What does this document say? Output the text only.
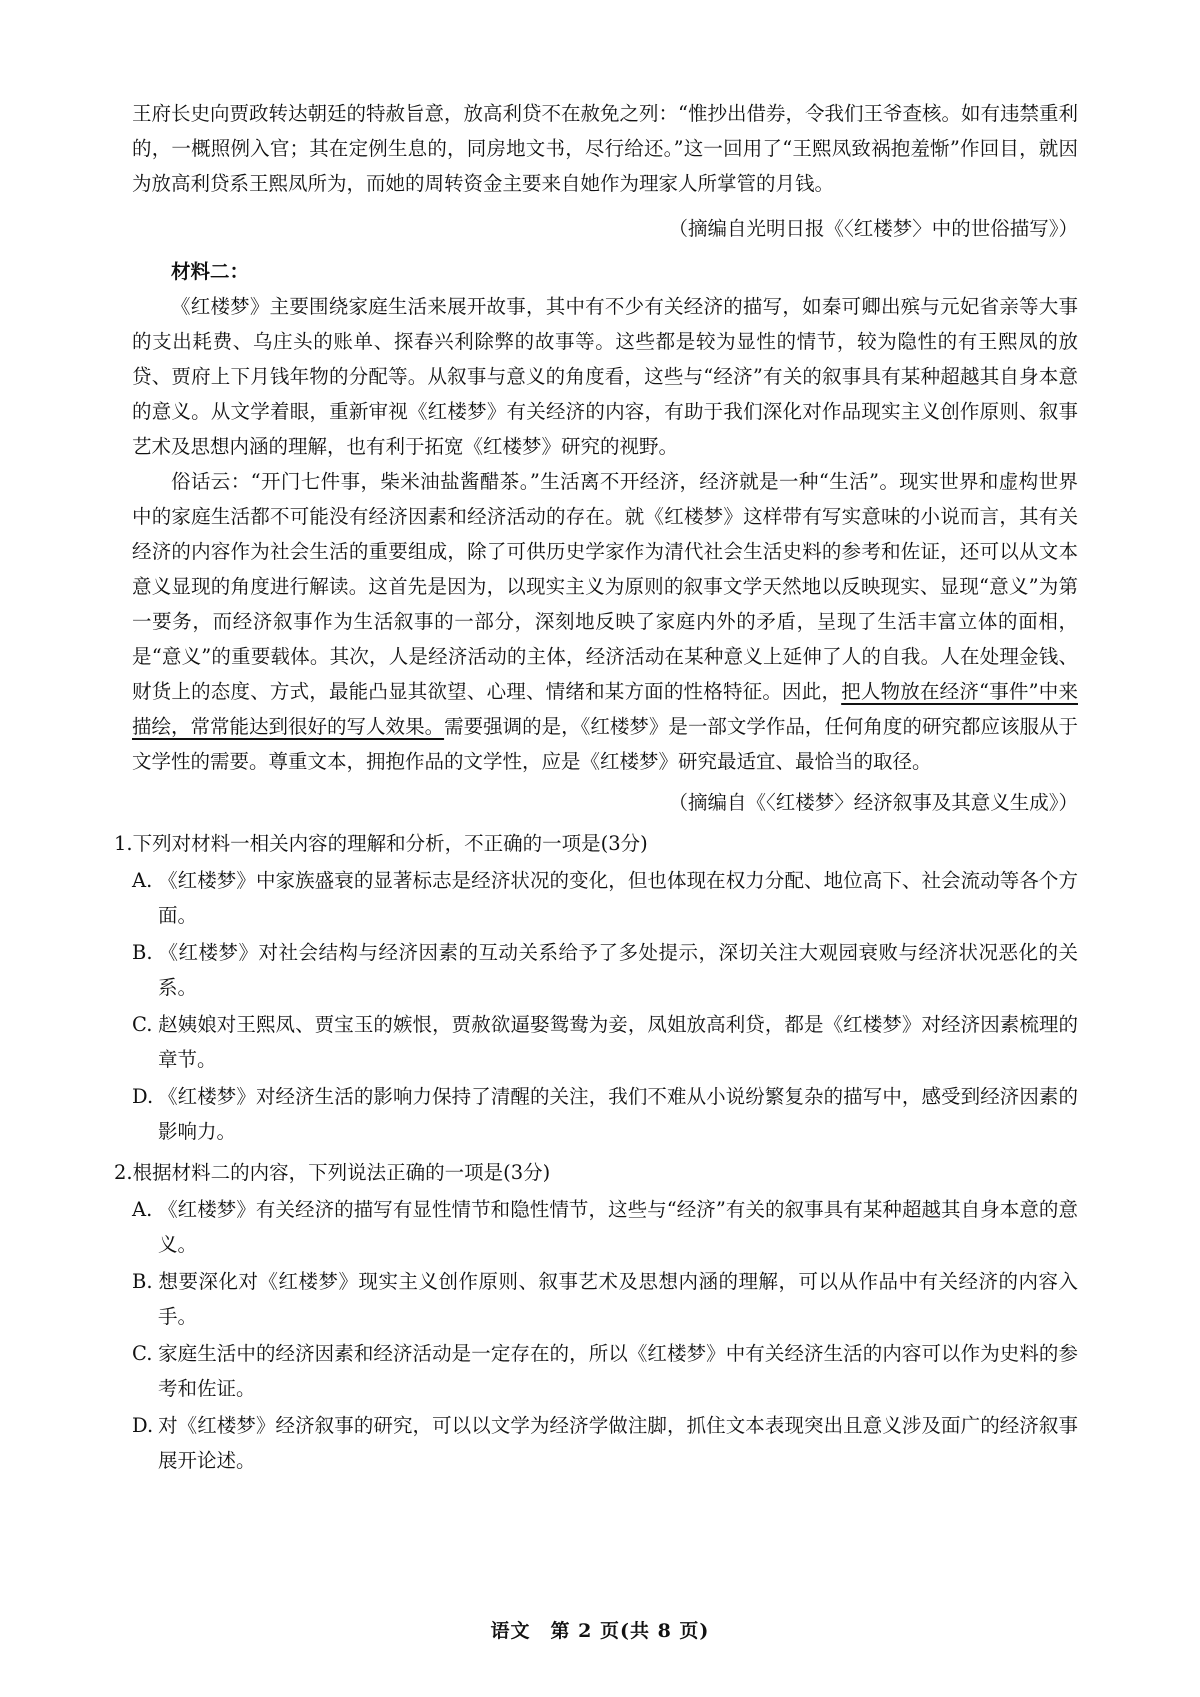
王府长史向贾政转达朝廷的特赦旨意，放高利贷不在赦免之列：“惟抄出借券，令我们王爷查核。如有违禁重利的，一概照例入官；其在定例生息的，同房地文书，尽行给还。”这一回用了“王熙凤致祸抱羞惭”作回目，就因为放高利贷系王熙凤所为，而她的周转资金主要来自她作为理家人所掌管的月钱。

（摘编自光明日报《〈红楼梦〉中的世俗描写》）

材料二：

《红楼梦》主要围绕家庭生活来展开故事，其中有不少有关经济的描写，如秦可卿出殡与元妃省亲等大事的支出耗费、乌庄头的账单、探春兴利除弊的故事等。这些都是较为显性的情节，较为隐性的有王熙凤的放贷、贾府上下月钱年物的分配等。从叙事与意义的角度看，这些与“经济”有关的叙事具有某种超越其自身本意的意义。从文学着眼，重新审视《红楼梦》有关经济的内容，有助于我们深化对作品现实主义创作原则、叙事艺术及思想内涵的理解，也有利于拓宽《红楼梦》研究的视野。

俗话云：“开门七件事，柴米油盐酱醋茶。”生活离不开经济，经济就是一种“生活”。现实世界和虚构世界中的家庭生活都不可能没有经济因素和经济活动的存在。就《红楼梦》这样带有写实意味的小说而言，其有关经济的内容作为社会生活的重要组成，除了可供历史学家作为清代社会生活史料的参考和佐证，还可以从文本意义显现的角度进行解读。这首先是因为，以现实主义为原则的叙事文学天然地以反映现实、显现“意义”为第一要务，而经济叙事作为生活叙事的一部分，深刻地反映了家庭内外的矛盾，呈现了生活丰富立体的面相，是“意义”的重要载体。其次，人是经济活动的主体，经济活动在某种意义上延伸了人的自我。人在处理金钱、财货上的态度、方式，最能凸显其欲望、心理、情绪和某方面的性格特征。因此，把人物放在经济“事件”中来描绘，常常能达到很好的写人效果。需要强调的是，《红楼梦》是一部文学作品，任何角度的研究都应该服从于文学性的需要。尊重文本，拥抱作品的文学性，应是《红楼梦》研究最适宜、最恰当的取径。

（摘编自《〈红楼梦〉经济叙事及其意义生成》）

1.下列对材料一相关内容的理解和分析，不正确的一项是(3分)

A. 《红楼梦》中家族盛衰的显著标志是经济状况的变化，但也体现在权力分配、地位高下、社会流动等各个方面。

B. 《红楼梦》对社会结构与经济因素的互动关系给予了多处提示，深切关注大观园衰败与经济状况恶化的关系。

C. 赵姨娘对王熙凤、贾宝玉的嫉恨，贾赦欲逼娶鸳鸯为妾，凤姐放高利贷，都是《红楼梦》对经济因素梳理的章节。

D. 《红楼梦》对经济生活的影响力保持了清醒的关注，我们不难从小说纷繁复杂的描写中，感受到经济因素的影响力。

2.根据材料二的内容，下列说法正确的一项是(3分)

A. 《红楼梦》有关经济的描写有显性情节和隐性情节，这些与“经济”有关的叙事具有某种超越其自身本意的意义。

B. 想要深化对《红楼梦》现实主义创作原则、叙事艺术及思想内涵的理解，可以从作品中有关经济的内容入手。

C. 家庭生活中的经济因素和经济活动是一定存在的，所以《红楼梦》中有关经济生活的内容可以作为史料的参考和佐证。

D. 对《红楼梦》经济叙事的研究，可以以文学为经济学做注脚，抓住文本表现突出且意义涉及面广的经济叙事展开论述。

语文　第 2 页(共 8 页)
